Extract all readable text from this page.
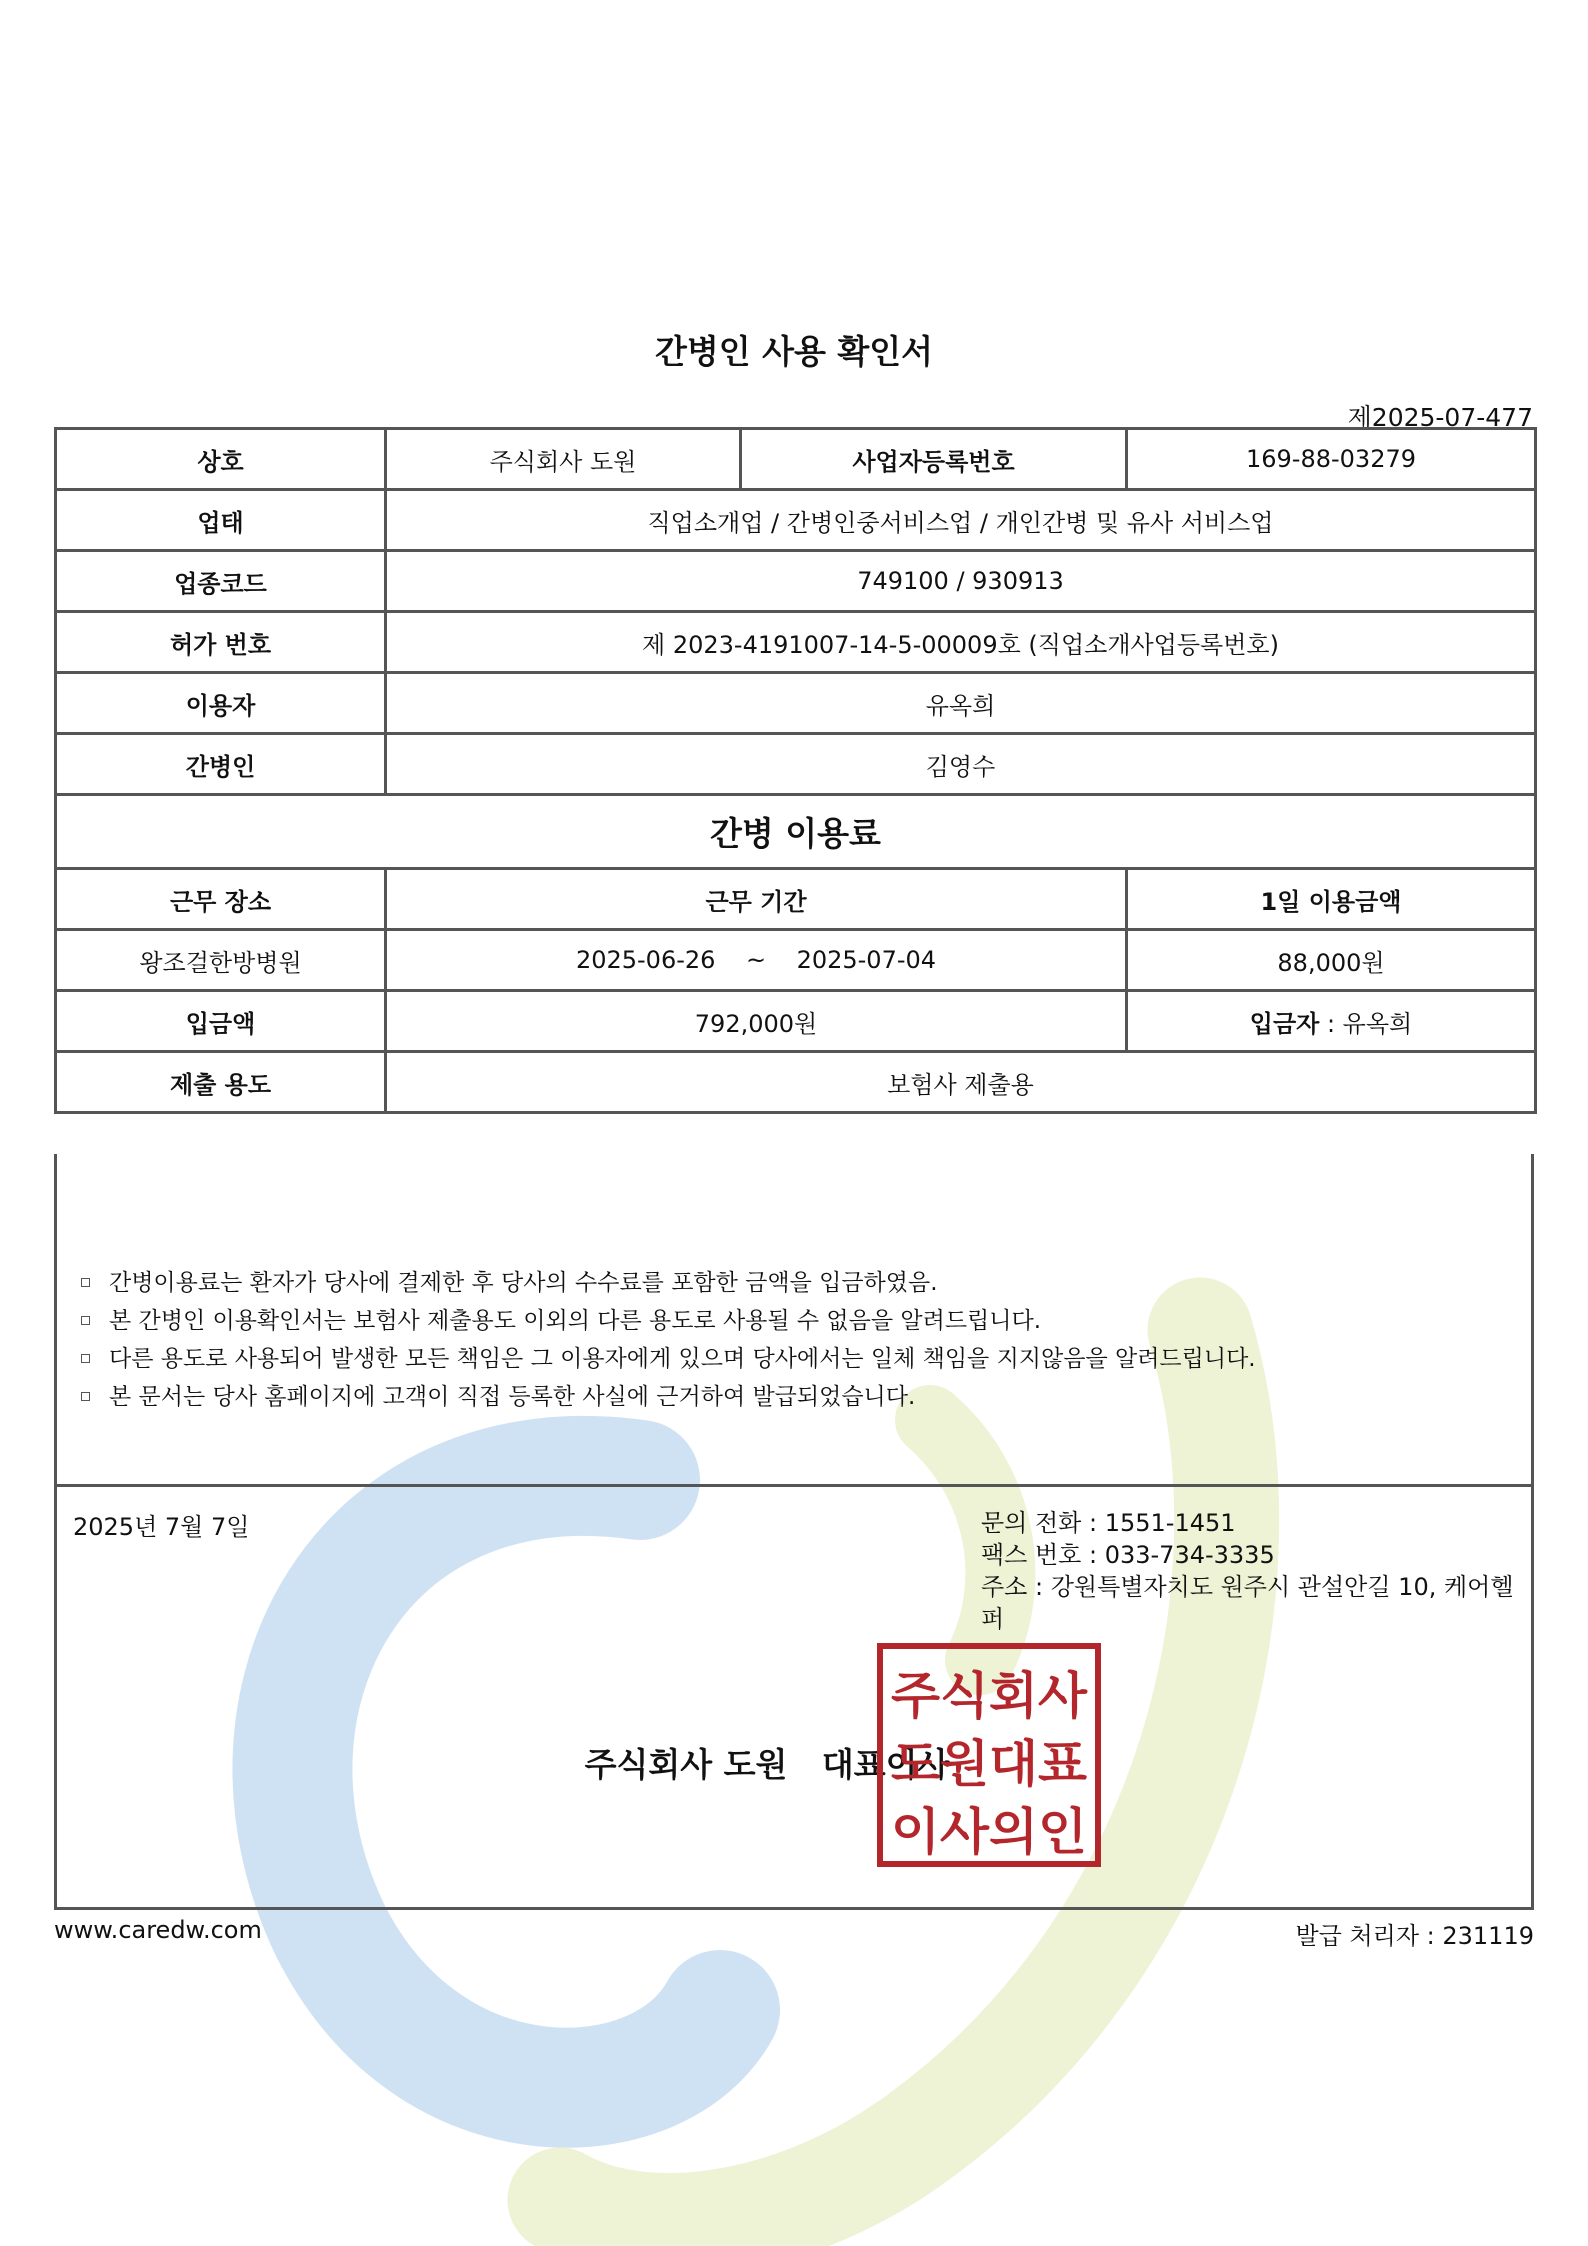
간병인 사용 확인서
제2025-07-477
상호	주식회사 도원	사업자등록번호	169-88-03279
업태	직업소개업 / 간병인중서비스업 / 개인간병 및 유사 서비스업		
업종코드	749100 / 930913		
허가 번호	제 2023-4191007-14-5-00009호 (직업소개사업등록번호)		
이용자	유옥희		
간병인	김영수		
간병 이용료			
근무 장소	근무 기간		1일 이용금액
왕조걸한방병원	2025-06-26 ~ 2025-07-04		88,000원
입금액	792,000원		입금자 : 유옥희
제출 용도	보험사 제출용		
간병이용료는 환자가 당사에 결제한 후 당사의 수수료를 포함한 금액을 입금하였음.
본 간병인 이용확인서는 보험사 제출용도 이외의 다른 용도로 사용될 수 없음을 알려드립니다.
다른 용도로 사용되어 발생한 모든 책임은 그 이용자에게 있으며 당사에서는 일체 책임을 지지않음을 알려드립니다.
본 문서는 당사 홈페이지에 고객이 직접 등록한 사실에 근거하여 발급되었습니다.
2025년 7월 7일	문의 전화 : 1551-1451
팩스 번호 : 033-734-3335
주소 : 강원특별자치도 원주시 관설안길 10, 케어헬퍼
주식회사 도원   대표이사
주식회사
도원대표
이사의인
www.caredw.com	발급 처리자 : 231119
